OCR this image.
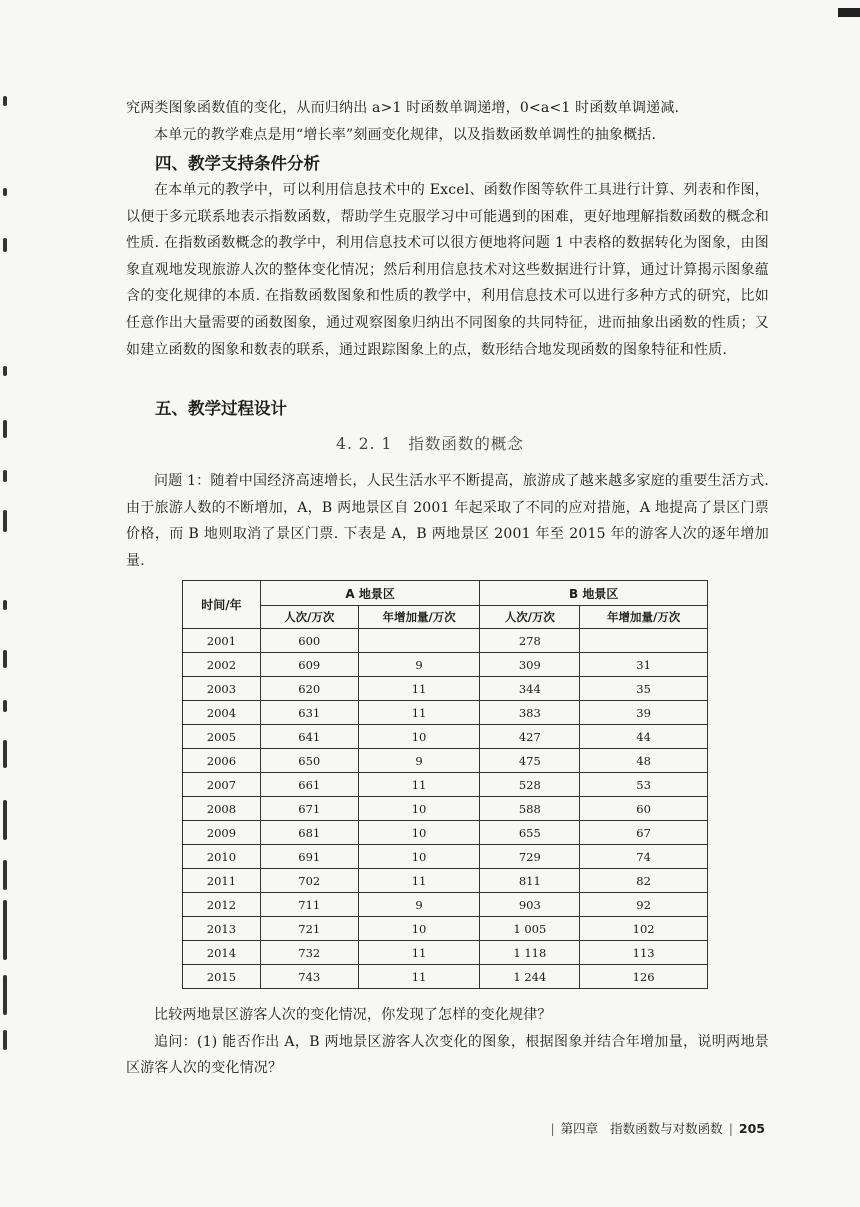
究两类图象函数值的变化，从而归纳出 a>1 时函数单调递增，0<a<1 时函数单调递减.

本单元的教学难点是用“增长率”刻画变化规律，以及指数函数单调性的抽象概括.

四、教学支持条件分析

在本单元的教学中，可以利用信息技术中的 Excel、函数作图等软件工具进行计算、列表和作图，以便于多元联系地表示指数函数，帮助学生克服学习中可能遇到的困难，更好地理解指数函数的概念和性质. 在指数函数概念的教学中，利用信息技术可以很方便地将问题 1 中表格的数据转化为图象，由图象直观地发现旅游人次的整体变化情况；然后利用信息技术对这些数据进行计算，通过计算揭示图象蕴含的变化规律的本质. 在指数函数图象和性质的教学中，利用信息技术可以进行多种方式的研究，比如任意作出大量需要的函数图象，通过观察图象归纳出不同图象的共同特征，进而抽象出函数的性质；又如建立函数的图象和数表的联系，通过跟踪图象上的点，数形结合地发现函数的图象特征和性质.

五、教学过程设计
4. 2. 1 指数函数的概念

问题 1：随着中国经济高速增长，人民生活水平不断提高，旅游成了越来越多家庭的重要生活方式. 由于旅游人数的不断增加，A，B 两地景区自 2001 年起采取了不同的应对措施，A 地提高了景区门票价格，而 B 地则取消了景区门票. 下表是 A，B 两地景区 2001 年至 2015 年的游客人次的逐年增加量.

时间/年	A 地景区		B 地景区	
	人次/万次	年增加量/万次	人次/万次	年增加量/万次
2001	600		278	
2002	609	9	309	31
2003	620	11	344	35
2004	631	11	383	39
2005	641	10	427	44
2006	650	9	475	48
2007	661	11	528	53
2008	671	10	588	60
2009	681	10	655	67
2010	691	10	729	74
2011	702	11	811	82
2012	711	9	903	92
2013	721	10	1 005	102
2014	732	11	1 118	113
2015	743	11	1 244	126

比较两地景区游客人次的变化情况，你发现了怎样的变化规律？

追问：(1) 能否作出 A，B 两地景区游客人次变化的图象，根据图象并结合年增加量，说明两地景区游客人次的变化情况？

| 第四章 指数函数与对数函数 | 205
